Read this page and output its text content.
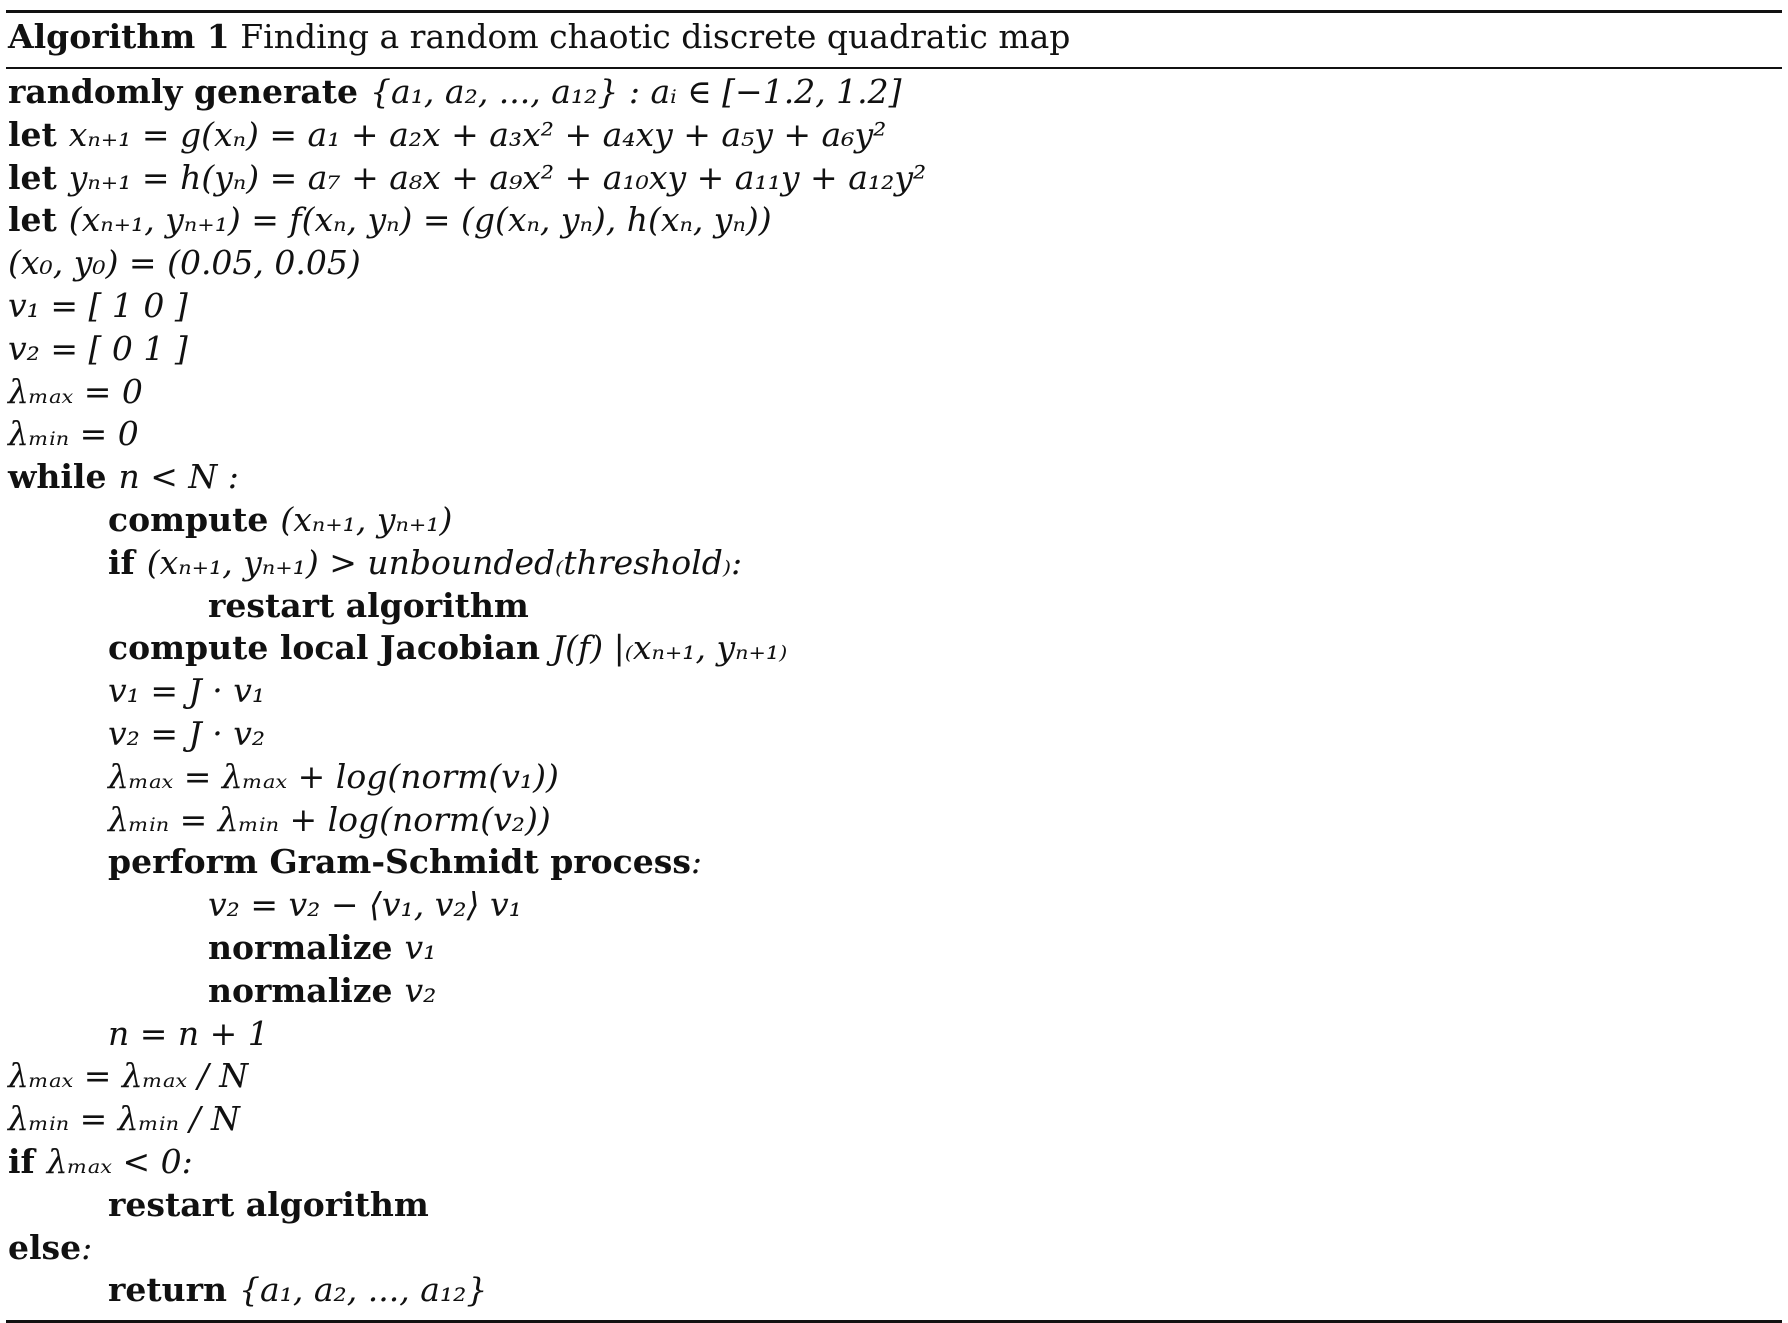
Algorithm 1 Finding a random chaotic discrete quadratic map
randomly generate {a₁, a₂, ..., a₁₂} : aᵢ ∈ [−1.2, 1.2]
let xₙ₊₁ = g(xₙ) = a₁ + a₂x + a₃x² + a₄xy + a₅y + a₆y²
let yₙ₊₁ = h(yₙ) = a₇ + a₈x + a₉x² + a₁₀xy + a₁₁y + a₁₂y²
let (xₙ₊₁, yₙ₊₁) = f(xₙ, yₙ) = (g(xₙ, yₙ), h(xₙ, yₙ))
(x₀, y₀) = (0.05, 0.05)
v₁ = [ 1 0 ]
v₂ = [ 0 1 ]
λₘₐₓ = 0
λₘᵢₙ = 0
while n < N :
compute (xₙ₊₁, yₙ₊₁)
if (xₙ₊₁, yₙ₊₁) > unbounded₍threshold₎:
restart algorithm
compute local Jacobian J(f) |₍xₙ₊₁, yₙ₊₁₎
v₁ = J · v₁
v₂ = J · v₂
λₘₐₓ = λₘₐₓ + log(norm(v₁))
λₘᵢₙ = λₘᵢₙ + log(norm(v₂))
perform Gram-Schmidt process :
v₂ = v₂ − ⟨v₁, v₂⟩ v₁
normalize v₁
normalize v₂
n = n + 1
λₘₐₓ = λₘₐₓ / N
λₘᵢₙ = λₘᵢₙ / N
if λₘₐₓ < 0:
restart algorithm
else :
return {a₁, a₂, ..., a₁₂}
